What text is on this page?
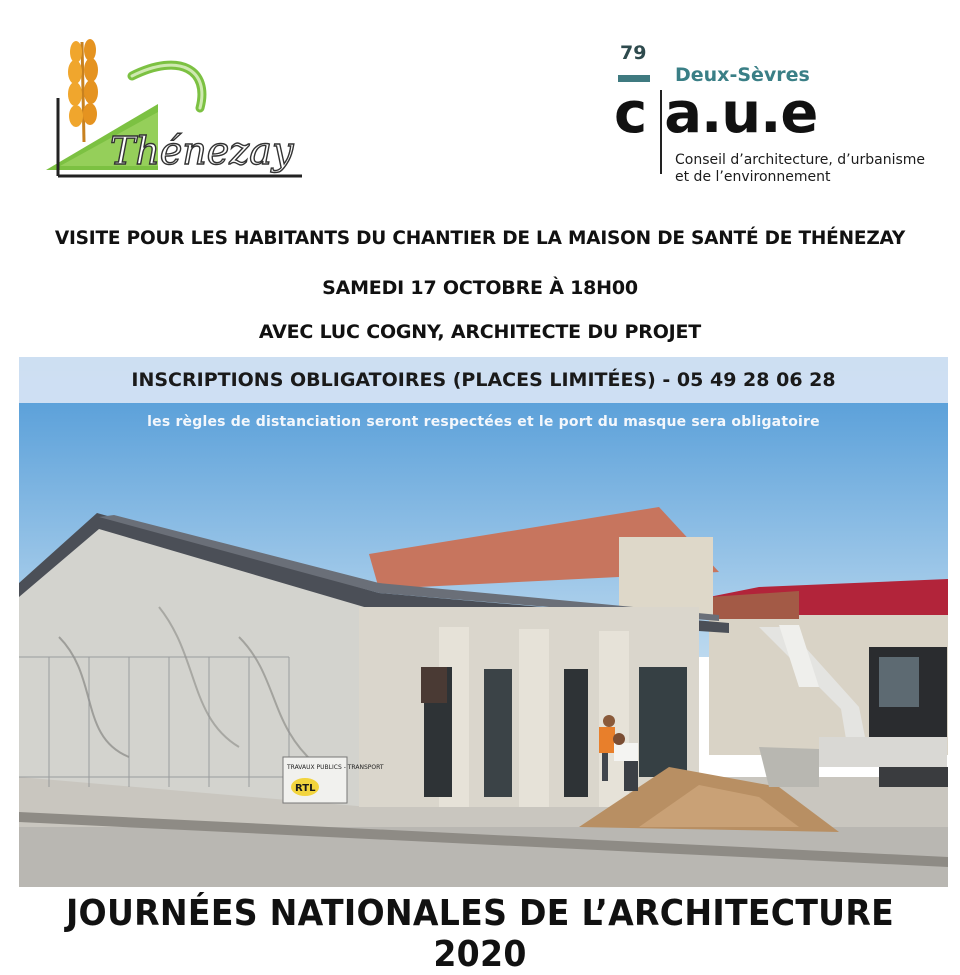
Thénezay
79
Deux-Sèvres
c a.u.e
Conseil d’architecture, d’urbanisme
et de l’environnement
VISITE POUR LES HABITANTS DU CHANTIER DE LA MAISON DE SANTÉ DE THÉNEZAY
SAMEDI 17 OCTOBRE À 18H00
AVEC LUC COGNY, ARCHITECTE DU PROJET
TRAVAUX PUBLICS - TRANSPORT
RTL
INSCRIPTIONS OBLIGATOIRES (PLACES LIMITÉES) - 05 49 28 06 28
les règles de distanciation seront respectées et le port du masque sera obligatoire
JOURNÉES NATIONALES DE L’ARCHITECTURE 2020
